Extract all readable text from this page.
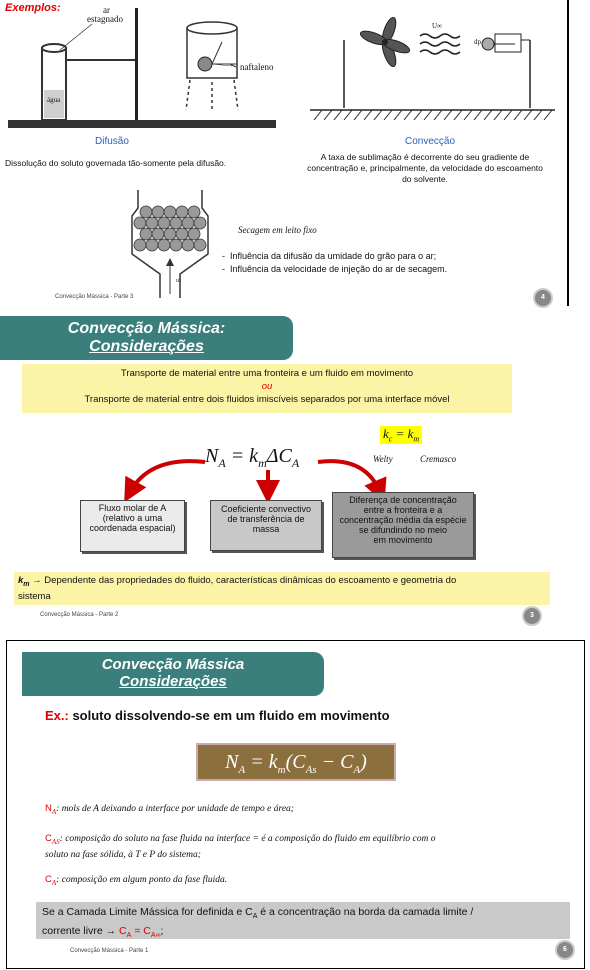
Exemplos:	ar
estagnado
água
naftaleno
U∞
dp
Difusão	Convecção
Dissolução do soluto governada tão-somente pela difusão.
A taxa de sublimação é decorrente do seu gradiente de
concentração e, principalmente, da velocidade do escoamento
do solvente.
uf
Secagem em leito fixo
-  Influência da difusão da umidade do grão para o ar;
-  Influência da velocidade de injeção do ar de secagem.
Convecção Mássica - Parte 3	4
Convecção Mássica:
Considerações
Transporte de material entre uma fronteira e um fluido em movimento
ou
Transporte de material entre dois fluidos imiscíveis separados por uma interface móvel
$N_A = k_m\Delta C_A$
$k_c = k_m$
Welty	Cremasco
Fluxo molar de A
(relativo a uma
coordenada espacial)
Coeficiente convectivo
de transferência de
massa
Diferença de concentração
entre a fronteira e a
concentração média da espécie
se difundindo no meio
em movimento
$k_m$ → Dependente das propriedades do fluido, características dinâmicas do escoamento e geometria do
sistema
Convecção Mássica - Parte 2	3
Convecção Mássica
Considerações
Ex.: soluto dissolvendo-se em um fluido em movimento
$N_A = k_m(C_{As} - C_A)$
$N_A$: mols de A deixando a interface por unidade de tempo e área;
$C_{AS}$: composição do soluto na fase fluida na interface = é a composição do fluido em equilíbrio com o
soluto na fase sólida, à T e P do sistema;
$C_A$: composição em algum ponto da fase fluida.
Se a Camada Limite Mássica for definida e $C_A$ é a concentração na borda da camada limite /
corrente livre → $C_A = C_{A\infty}$;
Convecção Mássica - Parte 1	6
